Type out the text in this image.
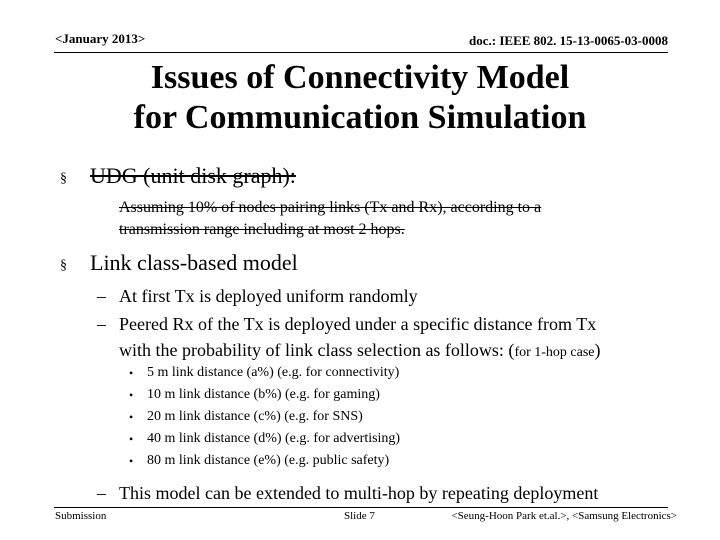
<January 2013>	doc.: IEEE 802. 15-13-0065-03-0008
Issues of Connectivity Model
for Communication Simulation
§ UDG (unit disk graph):
Assuming 10% of nodes pairing links (Tx and Rx), according to a
transmission range including at most 2 hops.
§ Link class-based model
– At first Tx is deployed uniform randomly
– Peered Rx of the Tx is deployed under a specific distance from Tx
with the probability of link class selection as follows: (for 1-hop case)
• 5 m link distance (a%) (e.g. for connectivity)
• 10 m link distance (b%) (e.g. for gaming)
• 20 m link distance (c%) (e.g. for SNS)
• 40 m link distance (d%) (e.g. for advertising)
• 80 m link distance (e%) (e.g. public safety)
– This model can be extended to multi-hop by repeating deployment
Submission	Slide 7	<Seung-Hoon Park et.al.>, <Samsung Electronics>
